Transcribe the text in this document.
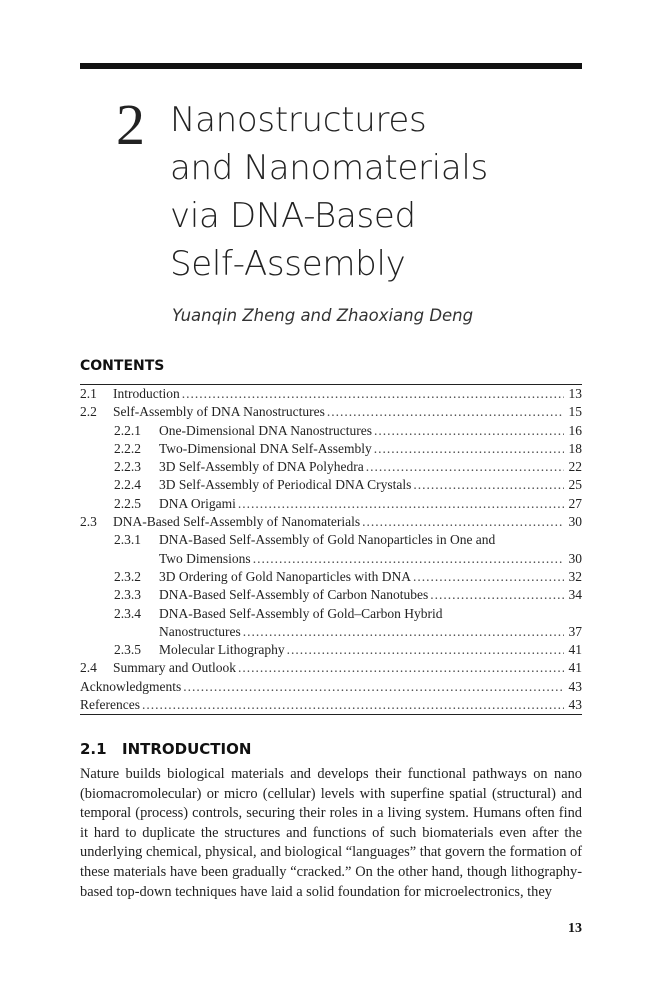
2 Nanostructures
and Nanomaterials
via DNA-Based
Self-Assembly
Yuanqin Zheng and Zhaoxiang Deng
CONTENTS
2.1	Introduction .....	13
2.2	Self-Assembly of DNA Nanostructures .....	15
2.2.1	One-Dimensional DNA Nanostructures .....	16
2.2.2	Two-Dimensional DNA Self-Assembly .....	18
2.2.3	3D Self-Assembly of DNA Polyhedra .....	22
2.2.4	3D Self-Assembly of Periodical DNA Crystals .....	25
2.2.5	DNA Origami .....	27
2.3	DNA-Based Self-Assembly of Nanomaterials .....	30
2.3.1	DNA-Based Self-Assembly of Gold Nanoparticles in One and
Two Dimensions .....	30
2.3.2	3D Ordering of Gold Nanoparticles with DNA .....	32
2.3.3	DNA-Based Self-Assembly of Carbon Nanotubes .....	34
2.3.4	DNA-Based Self-Assembly of Gold–Carbon Hybrid
Nanostructures .....	37
2.3.5	Molecular Lithography .....	41
2.4	Summary and Outlook .....	41
Acknowledgments .....	43
References .....	43
2.1 INTRODUCTION

Nature builds biological materials and develops their functional pathways on nano (biomacromolecular) or micro (cellular) levels with superfine spatial (structural) and temporal (process) controls, securing their roles in a living system. Humans often find it hard to duplicate the structures and functions of such biomaterials even after the underlying chemical, physical, and biological “languages” that govern the formation of these materials have been gradually “cracked.” On the other hand, though lithography-based top-down techniques have laid a solid foundation for microelectronics, they

13
